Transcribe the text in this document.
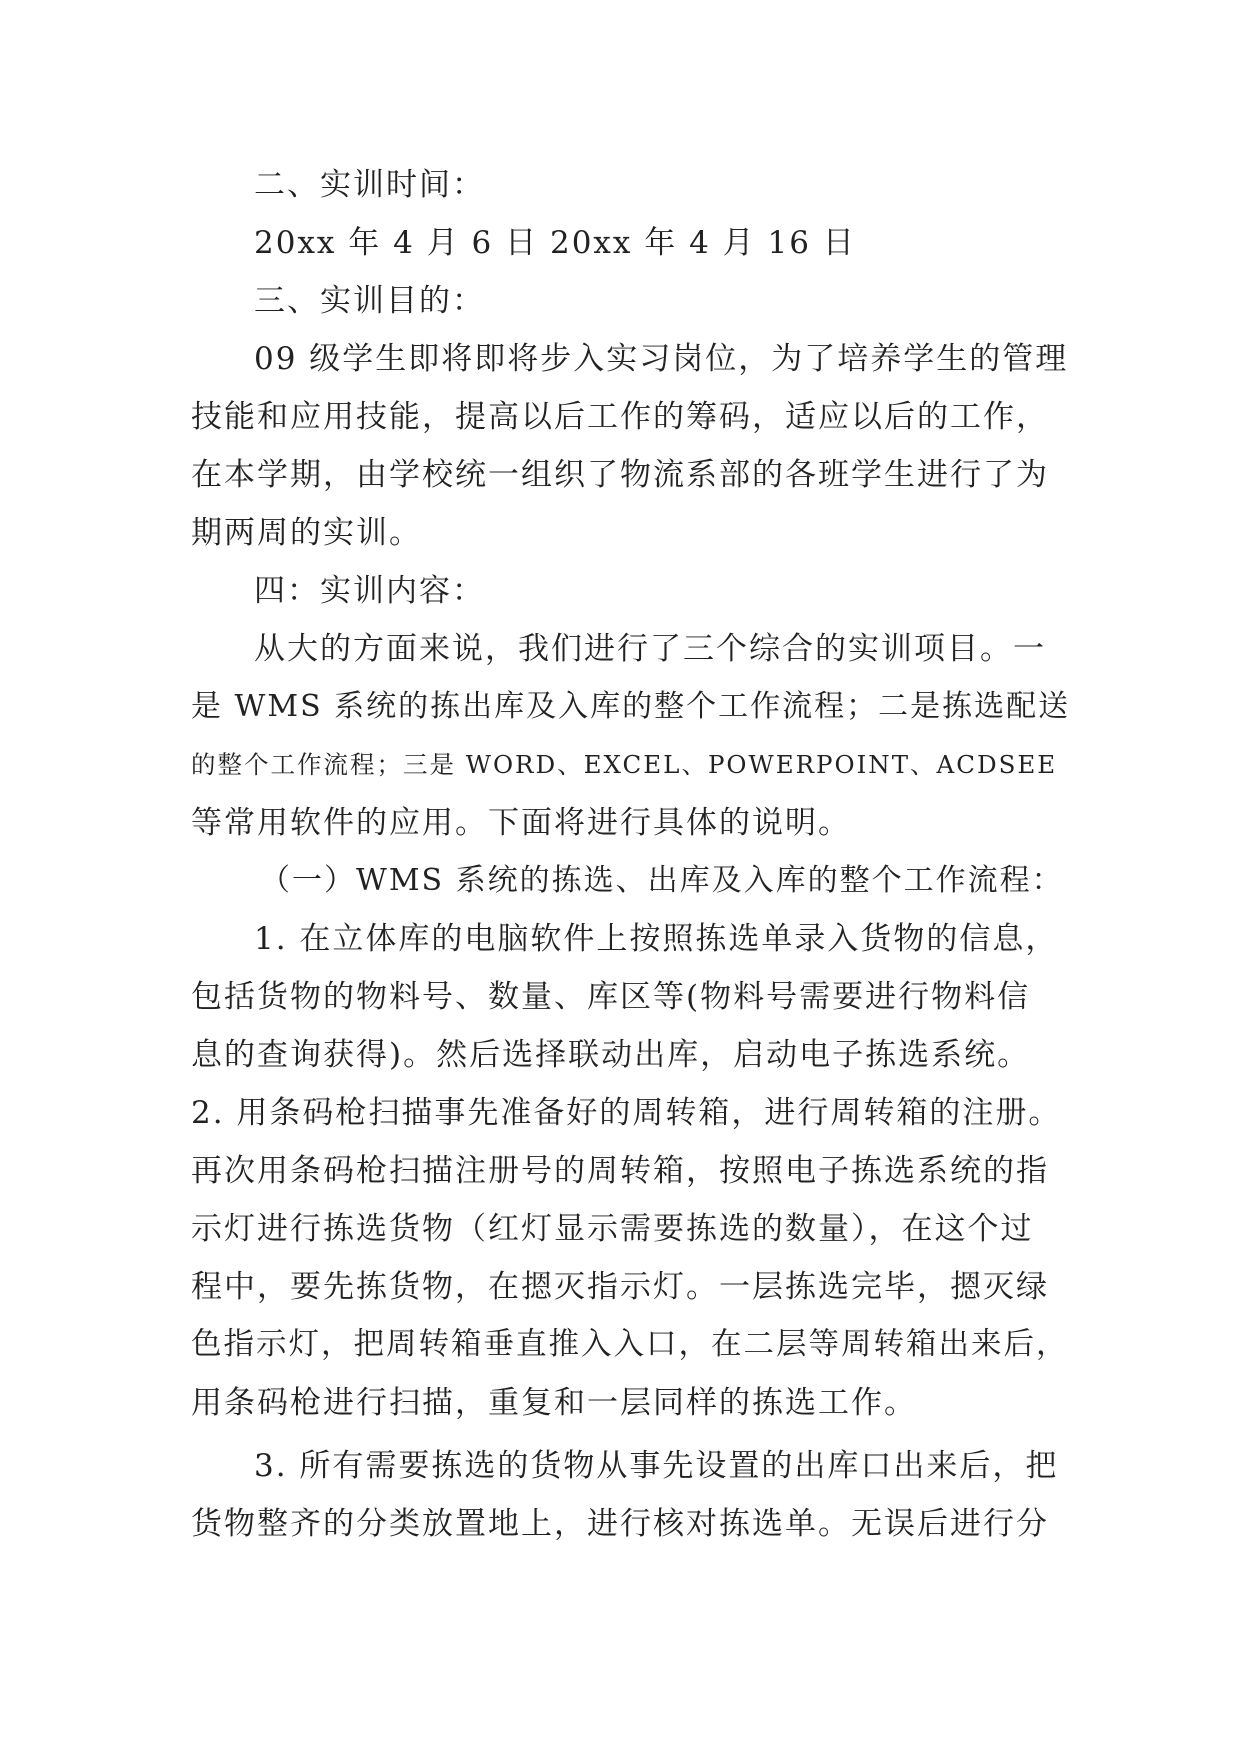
二、实训时间：

20xx 年 4 月 6 日 20xx 年 4 月 16 日

三、实训目的：

09 级学生即将即将步入实习岗位，为了培养学生的管理

技能和应用技能，提高以后工作的筹码，适应以后的工作，

在本学期，由学校统一组织了物流系部的各班学生进行了为

期两周的实训。

四：实训内容：

从大的方面来说，我们进行了三个综合的实训项目。一

是 WMS 系统的拣出库及入库的整个工作流程；二是拣选配送

的整个工作流程；三是 WORD、EXCEL、POWERPOINT、ACDSEE

等常用软件的应用。下面将进行具体的说明。

（一）WMS 系统的拣选、出库及入库的整个工作流程：

1. 在立体库的电脑软件上按照拣选单录入货物的信息，

包括货物的物料号、数量、库区等(物料号需要进行物料信

息的查询获得)。然后选择联动出库，启动电子拣选系统。

2. 用条码枪扫描事先准备好的周转箱，进行周转箱的注册。

再次用条码枪扫描注册号的周转箱，按照电子拣选系统的指

示灯进行拣选货物（红灯显示需要拣选的数量），在这个过

程中，要先拣货物，在摁灭指示灯。一层拣选完毕，摁灭绿

色指示灯，把周转箱垂直推入入口，在二层等周转箱出来后，

用条码枪进行扫描，重复和一层同样的拣选工作。

3. 所有需要拣选的货物从事先设置的出库口出来后，把

货物整齐的分类放置地上，进行核对拣选单。无误后进行分
